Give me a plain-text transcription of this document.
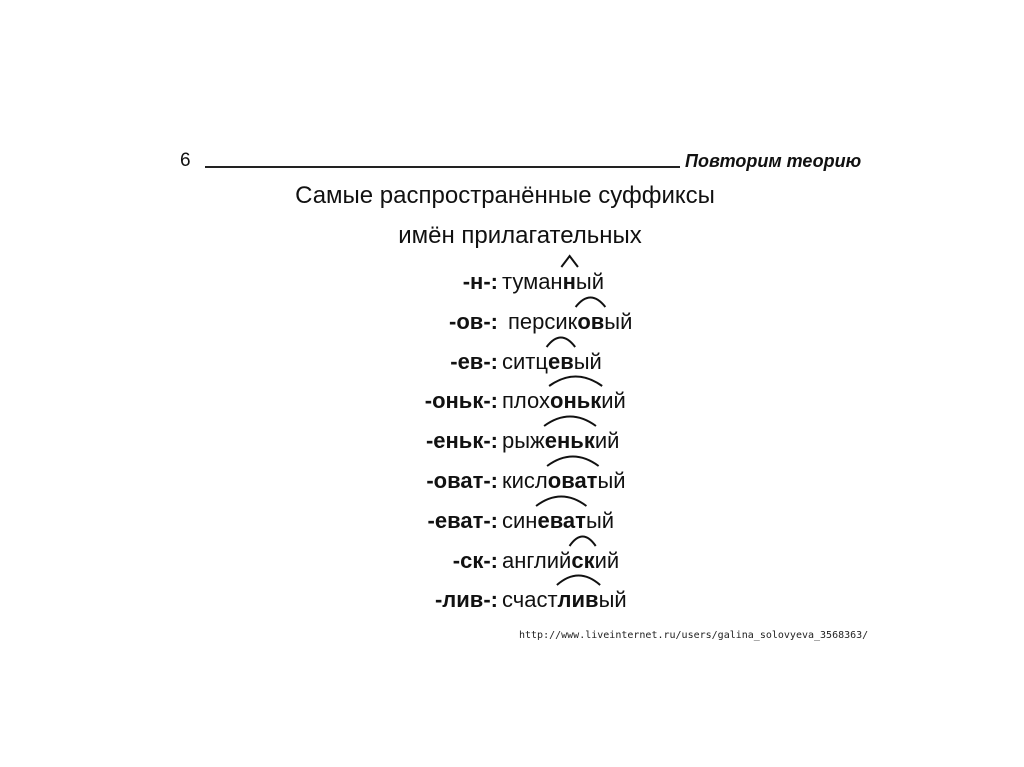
6	Повторим теорию
Самые распространённые суффиксы
имён прилагательных
-н-: туман
ный
-ов-: персик
овый
-ев-: ситц
евый
-оньк-: плох
онький
-еньк-: рыж
енький
-оват-: кисл
оватый
-еват-: син
еватый
-ск-: англий
ский
-лив-: счаст
ливый
http://www.liveinternet.ru/users/galina_solovyeva_3568363/
